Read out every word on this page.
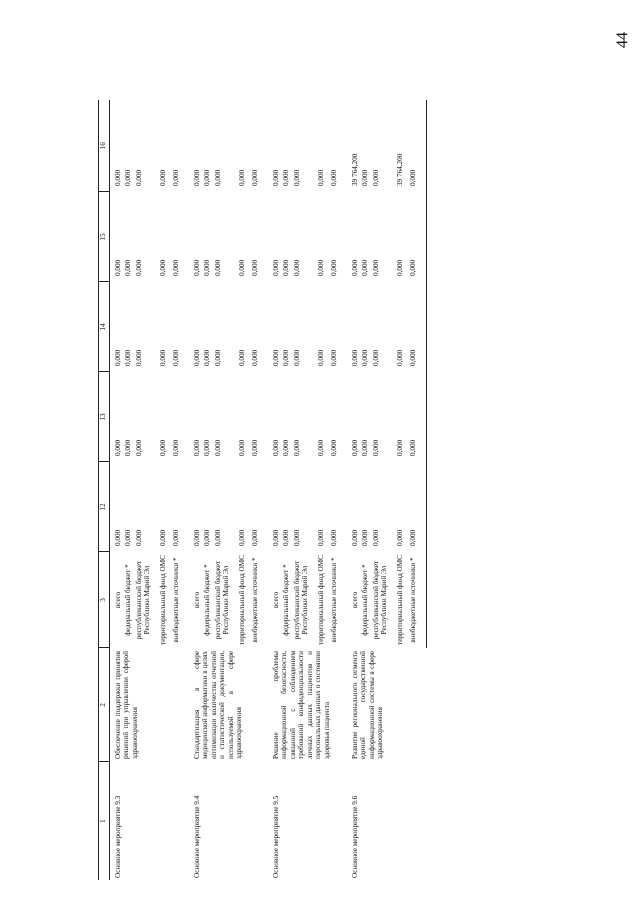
44
1	2	3	12	13	14	15	16
Основное мероприятие 9.3	Обеспечение поддержки принятия решений при управлении сферой здравоохранения	всего	0,000	0,000	0,000	0,000	0,000
		федеральный бюджет *	0,000	0,000	0,000	0,000	0,000
		республиканский бюджет Республики Марий Эл	0,000	0,000	0,000	0,000	0,000
		территориальный фонд ОМС	0,000	0,000	0,000	0,000	0,000
		внебюджетные источники *	0,000	0,000	0,000	0,000	0,000
Основное мероприятие 9.4	Стандартизация в сфере медицинской информатики в целях оптимизации количества отчетной и статистической документации, используемой в сфере здравоохранения	всего	0,000	0,000	0,000	0,000	0,000
		федеральный бюджет *	0,000	0,000	0,000	0,000	0,000
		республиканский бюджет Республики Марий Эл	0,000	0,000	0,000	0,000	0,000
		территориальный фонд ОМС	0,000	0,000	0,000	0,000	0,000
		внебюджетные источники *	0,000	0,000	0,000	0,000	0,000
Основное мероприятие 9.5	Решение проблемы информационной безопасности, связанной с соблюдением требований конфиденциальности личных данных пациентов и персональных данных о состоянии здоровья пациента	всего	0,000	0,000	0,000	0,000	0,000
		федеральный бюджет *	0,000	0,000	0,000	0,000	0,000
		республиканский бюджет Республики Марий Эл	0,000	0,000	0,000	0,000	0,000
		территориальный фонд ОМС	0,000	0,000	0,000	0,000	0,000
		внебюджетные источники *	0,000	0,000	0,000	0,000	0,000
Основное мероприятие 9.6	Развитие регионального сегмента единой государственной информационной системы в сфере здравоохранения	всего	0,000	0,000	0,000	0,000	39 764,200
		федеральный бюджет *	0,000	0,000	0,000	0,000	0,000
		республиканский бюджет Республики Марий Эл	0,000	0,000	0,000	0,000	0,000
		территориальный фонд ОМС	0,000	0,000	0,000	0,000	39 764,200
		внебюджетные источники *	0,000	0,000	0,000	0,000	0,000
